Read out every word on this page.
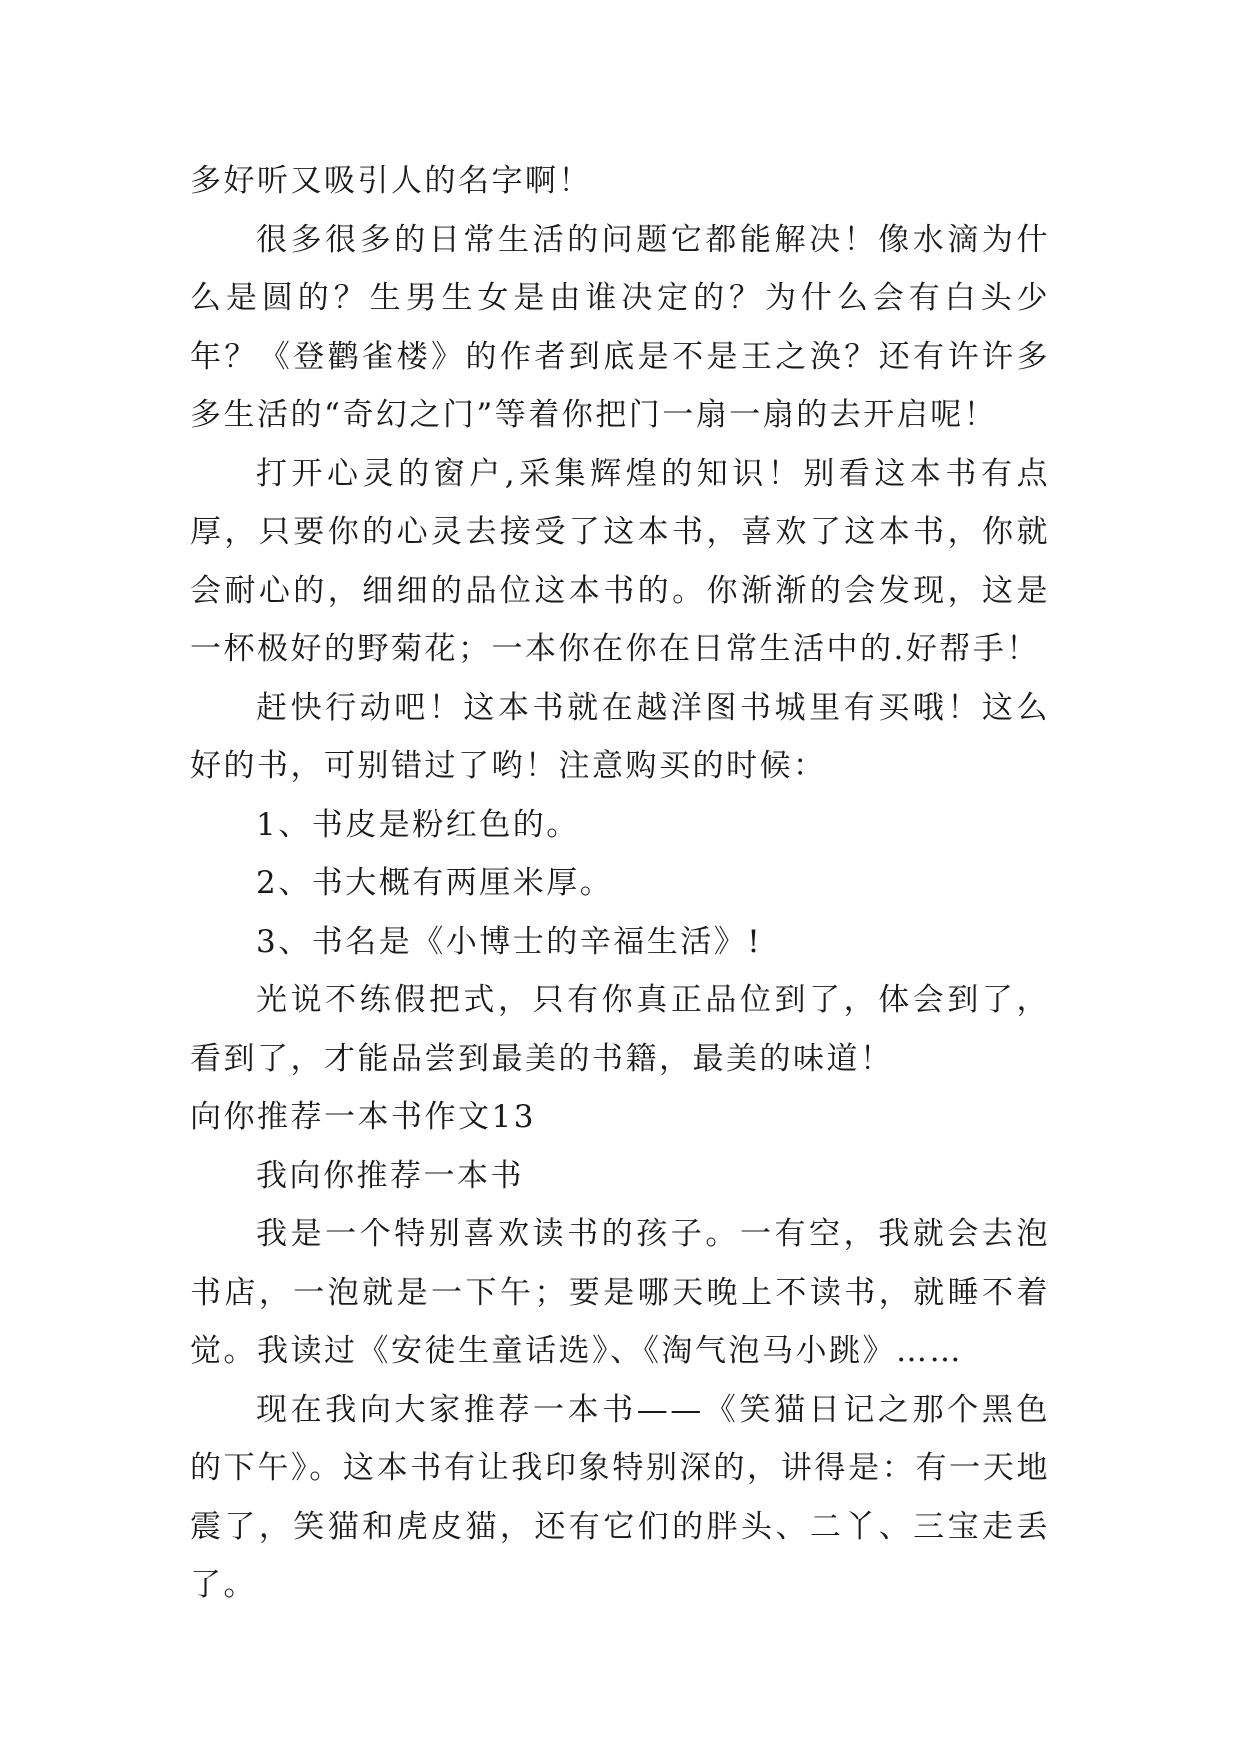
多好听又吸引人的名字啊！

很多很多的日常生活的问题它都能解决！像水滴为什么是圆的？生男生女是由谁决定的？为什么会有白头少年？《登鹳雀楼》的作者到底是不是王之涣？还有许许多多生活的“奇幻之门”等着你把门一扇一扇的去开启呢！

打开心灵的窗户,采集辉煌的知识！别看这本书有点厚，只要你的心灵去接受了这本书，喜欢了这本书，你就会耐心的，细细的品位这本书的。你渐渐的会发现，这是一杯极好的野菊花；一本你在你在日常生活中的.好帮手！

赶快行动吧！这本书就在越洋图书城里有买哦！这么好的书，可别错过了哟！注意购买的时候：

1、书皮是粉红色的。

2、书大概有两厘米厚。

3、书名是《小博士的辛福生活》!

光说不练假把式，只有你真正品位到了，体会到了，看到了，才能品尝到最美的书籍，最美的味道！

向你推荐一本书作文13

我向你推荐一本书

我是一个特别喜欢读书的孩子。一有空，我就会去泡书店，一泡就是一下午；要是哪天晚上不读书，就睡不着觉。我读过《安徒生童话选》、《淘气泡马小跳》……

现在我向大家推荐一本书——《笑猫日记之那个黑色的下午》。这本书有让我印象特别深的，讲得是：有一天地震了，笑猫和虎皮猫，还有它们的胖头、二丫、三宝走丢了。
